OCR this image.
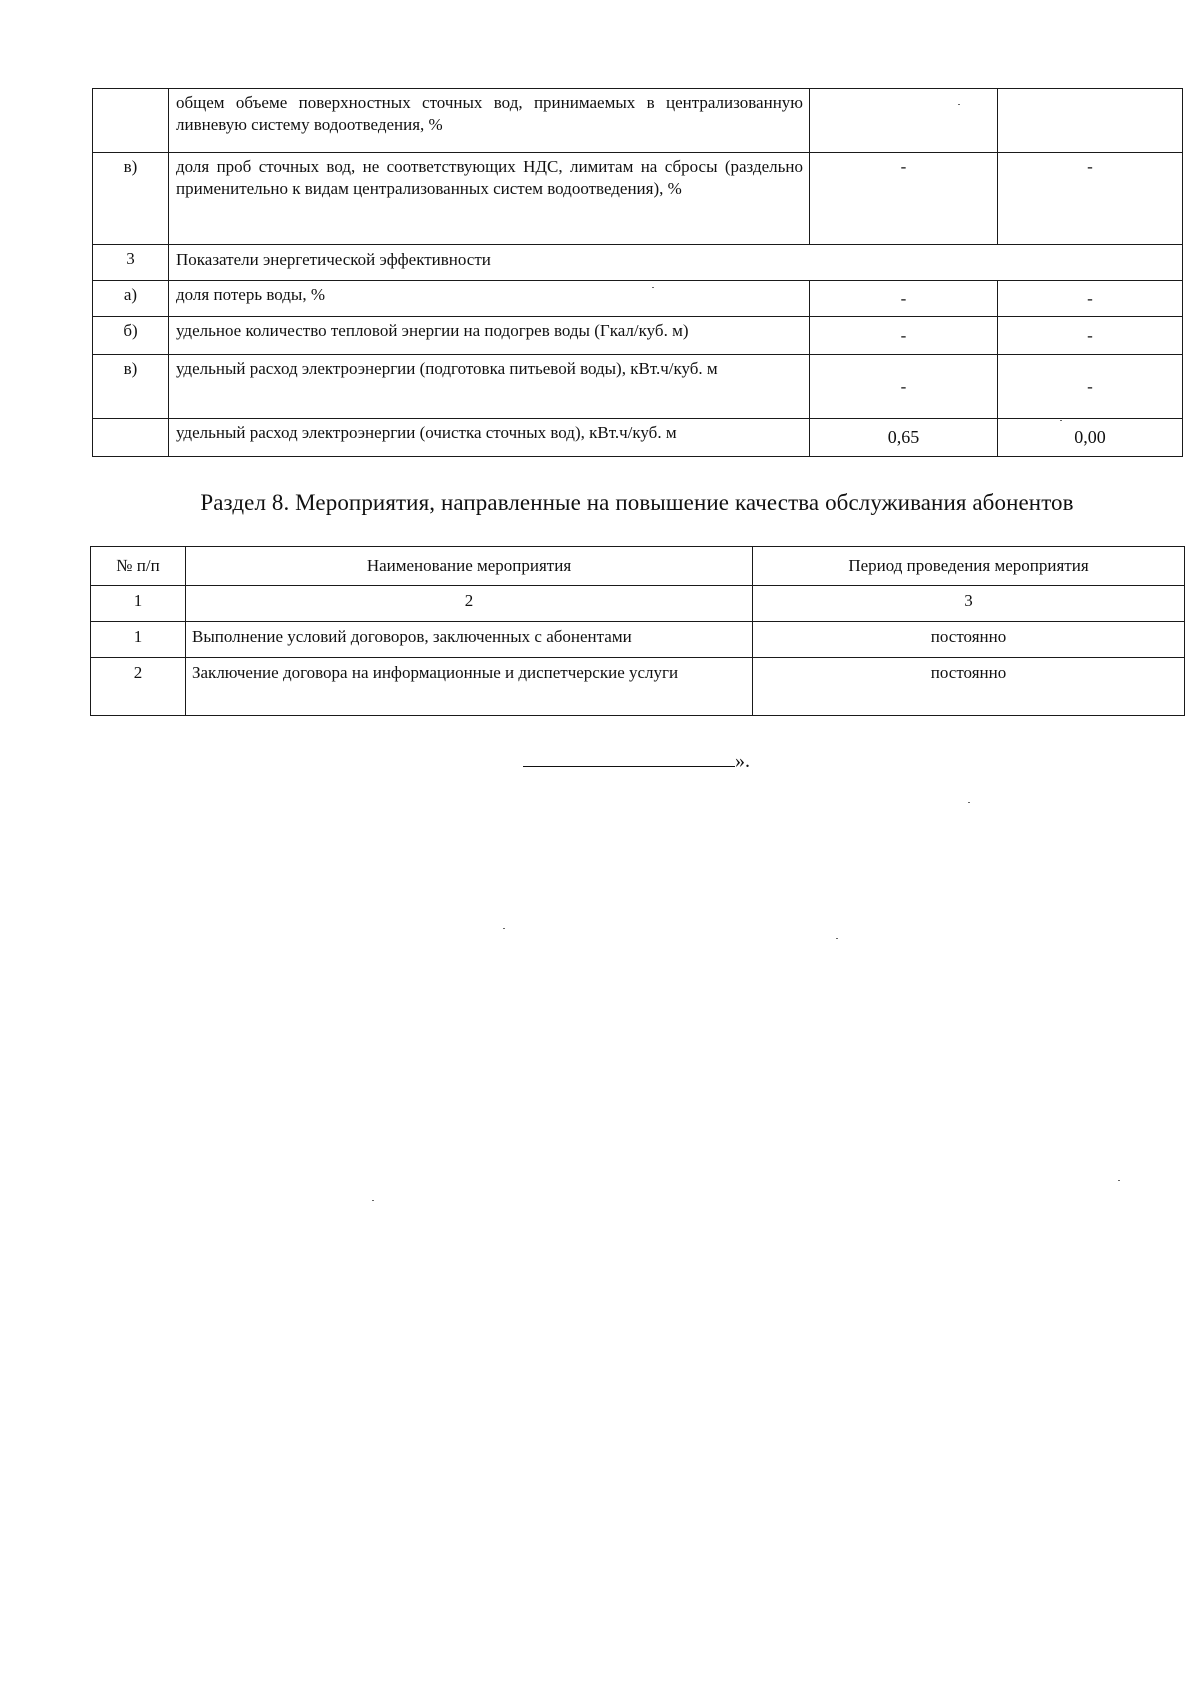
	общем объеме поверхностных сточных вод, принимаемых в централизованную ливневую систему водоотведения, %		
в)	доля проб сточных вод, не соответствующих НДС, лимитам на сбросы (раздельно применительно к видам централизованных систем водоотведения), %	-	-
3	Показатели энергетической эффективности		
а)	доля потерь воды, %	-	-
б)	удельное количество тепловой энергии на подогрев воды (Гкал/куб. м)	-	-
в)	удельный расход электроэнергии (подготовка питьевой воды), кВт.ч/куб. м	-	-
	удельный расход электроэнергии (очистка сточных вод), кВт.ч/куб. м	0,65	0,00
Раздел 8. Мероприятия, направленные на повышение качества обслуживания абонентов
№ п/п	Наименование мероприятия	Период проведения мероприятия
1	2	3
1	Выполнение условий договоров, заключенных с абонентами	постоянно
2	Заключение договора на информационные и диспетчерские услуги	постоянно
».
